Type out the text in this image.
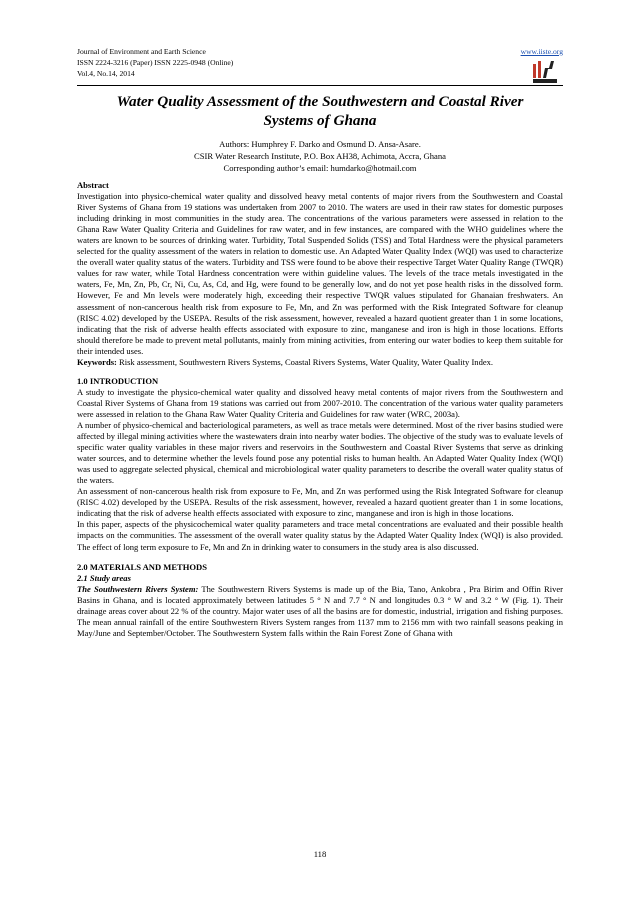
Journal of Environment and Earth Science
ISSN 2224-3216 (Paper) ISSN 2225-0948 (Online)
Vol.4, No.14, 2014
www.iiste.org
Water Quality Assessment of the Southwestern and Coastal River
Systems of Ghana
Authors: Humphrey F. Darko and Osmund D. Ansa-Asare.
CSIR Water Research Institute, P.O. Box AH38, Achimota, Accra, Ghana
Corresponding author’s email: humdarko@hotmail.com

Abstract

Investigation into physico-chemical water quality and dissolved heavy metal contents of major rivers from the Southwestern and Coastal River Systems of Ghana from 19 stations was undertaken from 2007 to 2010. The waters are used in their raw states for domestic purposes including drinking in most communities in the study area. The concentrations of the various parameters were assessed in relation to the Ghana Raw Water Quality Criteria and Guidelines for raw water, and in few instances, are compared with the WHO guidelines where the waters are known to be sources of drinking water. Turbidity, Total Suspended Solids (TSS) and Total Hardness were the physical parameters selected for the quality assessment of the waters in relation to domestic use. An Adapted Water Quality Index (WQI) was used to characterize the overall water quality status of the waters. Turbidity and TSS were found to be above their respective Target Water Quality Range (TWQR) values for raw water, while Total Hardness concentration were within guideline values. The levels of the trace metals investigated in the waters, Fe, Mn, Zn, Pb, Cr, Ni, Cu, As, Cd, and Hg, were found to be generally low, and do not yet pose health risks in the dissolved form. However, Fe and Mn levels were moderately high, exceeding their respective TWQR values stipulated for Ghanaian freshwaters. An assessment of non-cancerous health risk from exposure to Fe, Mn, and Zn was performed with the Risk Integrated Software for cleanup (RISC 4.02) developed by the USEPA. Results of the risk assessment, however, revealed a hazard quotient greater than 1 in some locations, indicating that the risk of adverse health effects associated with exposure to zinc, manganese and iron is high in those locations. Efforts should therefore be made to prevent metal pollutants, mainly from mining activities, from entering our water bodies to keep them suitable for their intended uses.

Keywords: Risk assessment, Southwestern Rivers Systems, Coastal Rivers Systems, Water Quality, Water Quality Index.

1.0 INTRODUCTION

A study to investigate the physico-chemical water quality and dissolved heavy metal contents of major rivers from the Southwestern and Coastal River Systems of Ghana from 19 stations was carried out from 2007-2010. The concentration of the various water quality parameters were assessed in relation to the Ghana Raw Water Quality Criteria and Guidelines for raw water (WRC, 2003a).

A number of physico-chemical and bacteriological parameters, as well as trace metals were determined. Most of the river basins studied were affected by illegal mining activities where the wastewaters drain into nearby water bodies. The objective of the study was to evaluate levels of specific water quality variables in these major rivers and reservoirs in the Southwestern and Coastal River Systems that serve as drinking water sources, and to determine whether the levels found pose any potential risks to human health. An Adapted Water Quality Index (WQI) was used to aggregate selected physical, chemical and microbiological water quality parameters to describe the overall water quality status of the waters.

An assessment of non-cancerous health risk from exposure to Fe, Mn, and Zn was performed using the Risk Integrated Software for cleanup (RISC 4.02) developed by the USEPA. Results of the risk assessment, however, revealed a hazard quotient greater than 1 in some locations, indicating that the risk of adverse health effects associated with exposure to zinc, manganese and iron is high in those locations.

In this paper, aspects of the physicochemical water quality parameters and trace metal concentrations are evaluated and their possible health impacts on the communities. The assessment of the overall water quality status by the Adapted Water Quality Index (WQI) is also provided. The effect of long term exposure to Fe, Mn and Zn in drinking water to consumers in the study area is also discussed.

2.0 MATERIALS AND METHODS

2.1 Study areas

The Southwestern Rivers System: The Southwestern Rivers Systems is made up of the Bia, Tano, Ankobra , Pra Birim and Offin River Basins in Ghana, and is located approximately between latitudes 5 ° N and 7.7 ° N and longitudes 0.3 ° W and 3.2 ° W (Fig. 1). Their drainage areas cover about 22 % of the country. Major water uses of all the basins are for domestic, industrial, irrigation and fishing purposes. The mean annual rainfall of the entire Southwestern Rivers System ranges from 1137 mm to 2156 mm with two rainfall seasons peaking in May/June and September/October. The Southwestern System falls within the Rain Forest Zone of Ghana with

118
